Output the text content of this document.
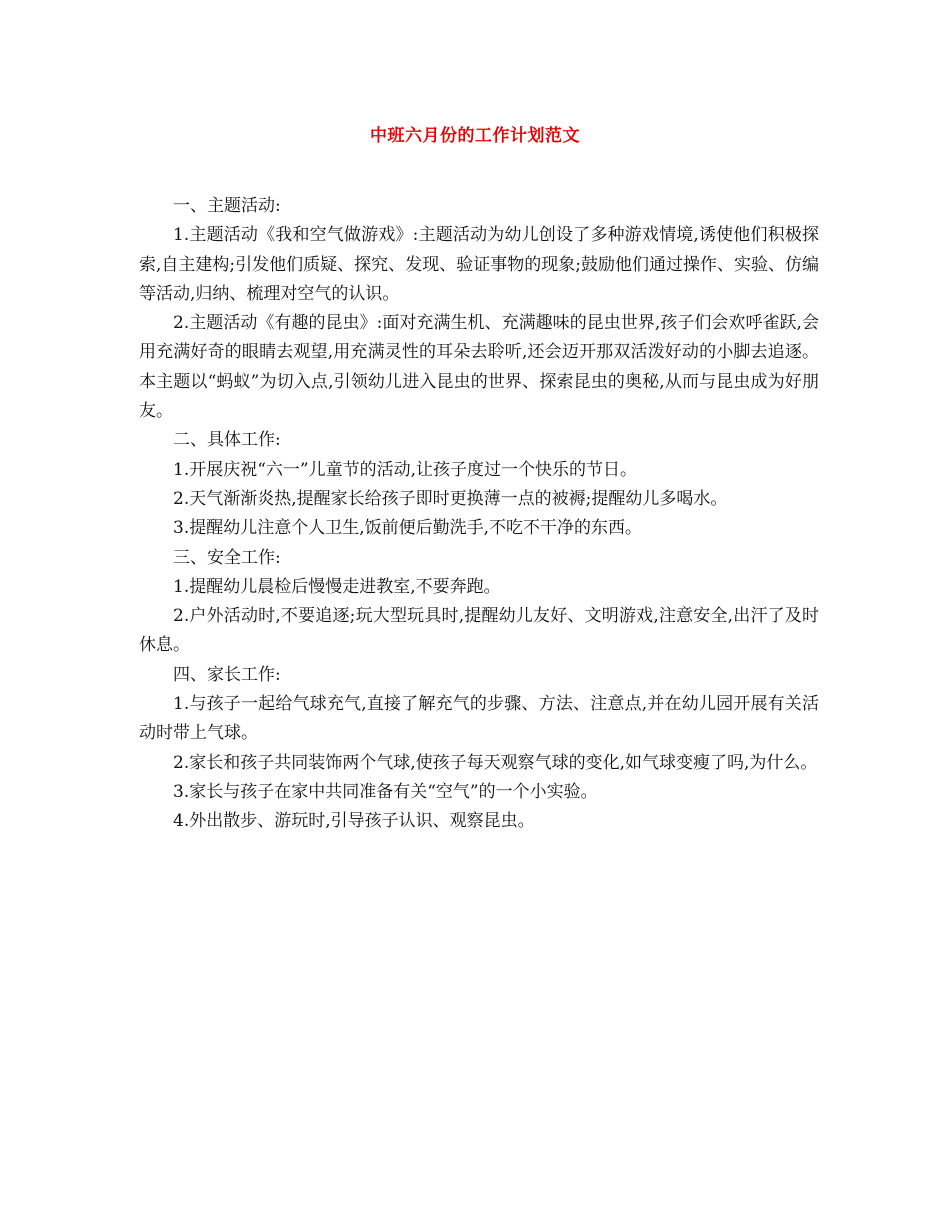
中班六月份的工作计划范文

一、主题活动:

1.主题活动《我和空气做游戏》:主题活动为幼儿创设了多种游戏情境,诱使他们积极探索,自主建构;引发他们质疑、探究、发现、验证事物的现象;鼓励他们通过操作、实验、仿编等活动,归纳、梳理对空气的认识。

2.主题活动《有趣的昆虫》:面对充满生机、充满趣味的昆虫世界,孩子们会欢呼雀跃,会用充满好奇的眼睛去观望,用充满灵性的耳朵去聆听,还会迈开那双活泼好动的小脚去追逐。本主题以“蚂蚁”为切入点,引领幼儿进入昆虫的世界、探索昆虫的奥秘,从而与昆虫成为好朋友。

二、具体工作:

1.开展庆祝“六一”儿童节的活动,让孩子度过一个快乐的节日。

2.天气渐渐炎热,提醒家长给孩子即时更换薄一点的被褥;提醒幼儿多喝水。

3.提醒幼儿注意个人卫生,饭前便后勤洗手,不吃不干净的东西。

三、安全工作:

1.提醒幼儿晨检后慢慢走进教室,不要奔跑。

2.户外活动时,不要追逐;玩大型玩具时,提醒幼儿友好、文明游戏,注意安全,出汗了及时休息。

四、家长工作:

1.与孩子一起给气球充气,直接了解充气的步骤、方法、注意点,并在幼儿园开展有关活动时带上气球。

2.家长和孩子共同装饰两个气球,使孩子每天观察气球的变化,如气球变瘦了吗,为什么。

3.家长与孩子在家中共同准备有关“空气”的一个小实验。

4.外出散步、游玩时,引导孩子认识、观察昆虫。
